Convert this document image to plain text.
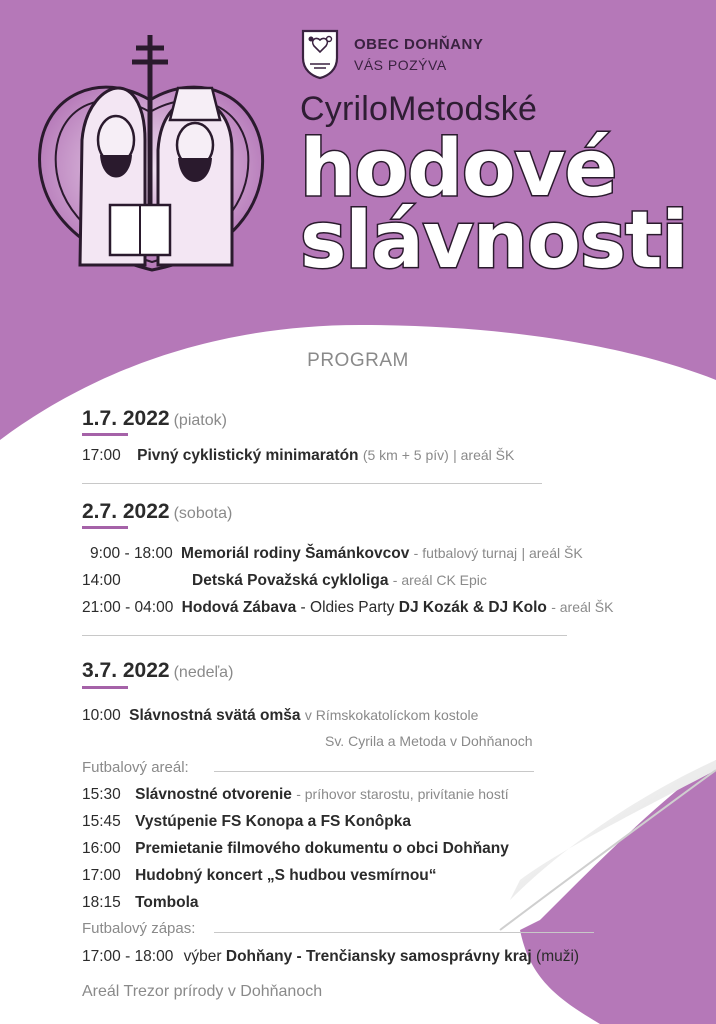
OBEC DOHŇANY
VÁS POZÝVA
CyriloMetodské
hodové
slávnosti
PROGRAM
1.7. 2022 (piatok)
17:00 Pivný cyklistický minimaratón (5 km + 5 pív) | areál ŠK
2.7. 2022 (sobota)
9:00 - 18:00 Memoriál rodiny Šamánkovcov - futbalový turnaj | areál ŠK
14:00	Detská Považská cykloliga - areál CK Epic
21:00 - 04:00 Hodová Zábava - Oldies Party DJ Kozák & DJ Kolo - areál ŠK
3.7. 2022 (nedeľa)
10:00 Slávnostná svätá omša v Rímskokatolíckom kostole
Sv. Cyrila a Metoda v Dohňanoch
Futbalový areál:
15:30 Slávnostné otvorenie - príhovor starostu, privítanie hostí
15:45 Vystúpenie FS Konopa a FS Konôpka
16:00 Premietanie filmového dokumentu o obci Dohňany
17:00 Hudobný koncert „S hudbou vesmírnou“
18:15 Tombola
Futbalový zápas:
17:00 - 18:00 výber Dohňany - Trenčiansky samosprávny kraj (muži)
Areál Trezor prírody v Dohňanoch
